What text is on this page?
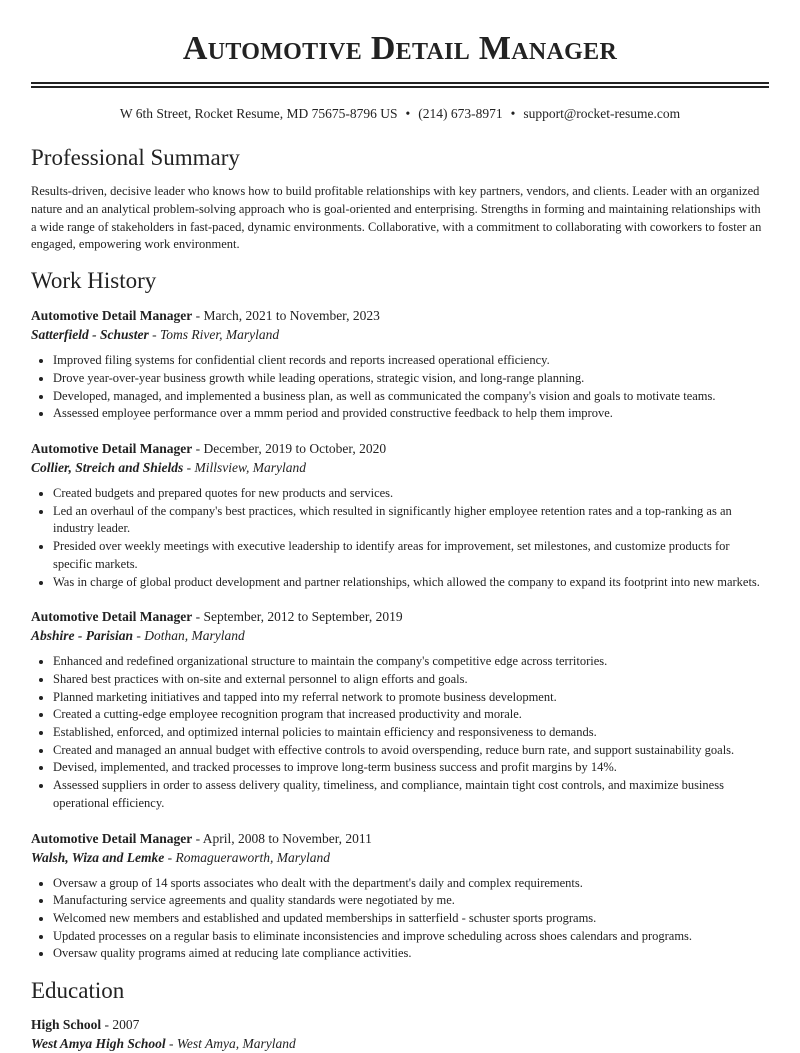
Automotive Detail Manager
W 6th Street, Rocket Resume, MD 75675-8796 US • (214) 673-8971 • support@rocket-resume.com
Professional Summary
Results-driven, decisive leader who knows how to build profitable relationships with key partners, vendors, and clients. Leader with an organized nature and an analytical problem-solving approach who is goal-oriented and enterprising. Strengths in forming and maintaining relationships with a wide range of stakeholders in fast-paced, dynamic environments. Collaborative, with a commitment to collaborating with coworkers to foster an engaged, empowering work environment.
Work History
Automotive Detail Manager - March, 2021 to November, 2023
Satterfield - Schuster - Toms River, Maryland
• Improved filing systems for confidential client records and reports increased operational efficiency.
• Drove year-over-year business growth while leading operations, strategic vision, and long-range planning.
• Developed, managed, and implemented a business plan, as well as communicated the company's vision and goals to motivate teams.
• Assessed employee performance over a mmm period and provided constructive feedback to help them improve.
Automotive Detail Manager - December, 2019 to October, 2020
Collier, Streich and Shields - Millsview, Maryland
• Created budgets and prepared quotes for new products and services.
• Led an overhaul of the company's best practices, which resulted in significantly higher employee retention rates and a top-ranking as an industry leader.
• Presided over weekly meetings with executive leadership to identify areas for improvement, set milestones, and customize products for specific markets.
• Was in charge of global product development and partner relationships, which allowed the company to expand its footprint into new markets.
Automotive Detail Manager - September, 2012 to September, 2019
Abshire - Parisian - Dothan, Maryland
• Enhanced and redefined organizational structure to maintain the company's competitive edge across territories.
• Shared best practices with on-site and external personnel to align efforts and goals.
• Planned marketing initiatives and tapped into my referral network to promote business development.
• Created a cutting-edge employee recognition program that increased productivity and morale.
• Established, enforced, and optimized internal policies to maintain efficiency and responsiveness to demands.
• Created and managed an annual budget with effective controls to avoid overspending, reduce burn rate, and support sustainability goals.
• Devised, implemented, and tracked processes to improve long-term business success and profit margins by 14%.
• Assessed suppliers in order to assess delivery quality, timeliness, and compliance, maintain tight cost controls, and maximize business operational efficiency.
Automotive Detail Manager - April, 2008 to November, 2011
Walsh, Wiza and Lemke - Romagueraworth, Maryland
• Oversaw a group of 14 sports associates who dealt with the department's daily and complex requirements.
• Manufacturing service agreements and quality standards were negotiated by me.
• Welcomed new members and established and updated memberships in satterfield - schuster sports programs.
• Updated processes on a regular basis to eliminate inconsistencies and improve scheduling across shoes calendars and programs.
• Oversaw quality programs aimed at reducing late compliance activities.
Education
High School - 2007
West Amya High School - West Amya, Maryland
